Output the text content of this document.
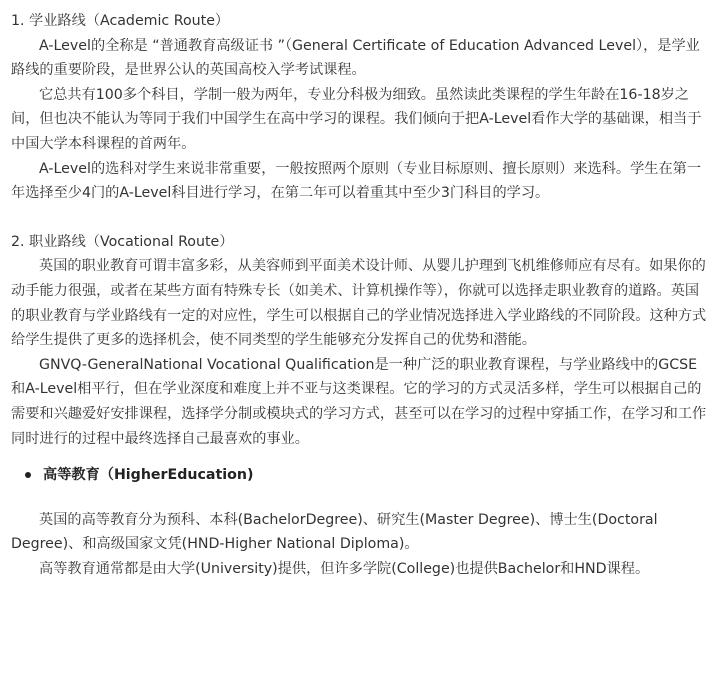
1. 学业路线（Academic Route）
A-Level的全称是 “普通教育高级证书 ”（General Certificate of Education Advanced Level），是学业路线的重要阶段，是世界公认的英国高校入学考试课程。
它总共有100多个科目，学制一般为两年，专业分科极为细致。虽然读此类课程的学生年龄在16-18岁之间，但也决不能认为等同于我们中国学生在高中学习的课程。我们倾向于把A-Level看作大学的基础课，相当于中国大学本科课程的首两年。
A-Level的选科对学生来说非常重要，一般按照两个原则（专业目标原则、擅长原则）来选科。学生在第一年选择至少4门的A-Level科目进行学习，在第二年可以着重其中至少3门科目的学习。
2. 职业路线（Vocational Route）
英国的职业教育可谓丰富多彩，从美容师到平面美术设计师、从婴儿护理到飞机维修师应有尽有。如果你的动手能力很强，或者在某些方面有特殊专长（如美术、计算机操作等），你就可以选择走职业教育的道路。英国的职业教育与学业路线有一定的对应性，学生可以根据自己的学业情况选择进入学业路线的不同阶段。这种方式给学生提供了更多的选择机会，使不同类型的学生能够充分发挥自己的优势和潜能。
GNVQ-GeneralNational Vocational Qualification是一种广泛的职业教育课程，与学业路线中的GCSE和A-Level相平行，但在学业深度和难度上并不亚与这类课程。它的学习的方式灵活多样，学生可以根据自己的需要和兴趣爱好安排课程，选择学分制或模块式的学习方式，甚至可以在学习的过程中穿插工作，在学习和工作同时进行的过程中最终选择自己最喜欢的事业。
高等教育（HigherEducation)
英国的高等教育分为预科、本科(BachelorDegree)、研究生(Master Degree)、博士生(Doctoral Degree)、和高级国家文凭(HND-Higher National Diploma)。
高等教育通常都是由大学(University)提供，但许多学院(College)也提供Bachelor和HND课程。
